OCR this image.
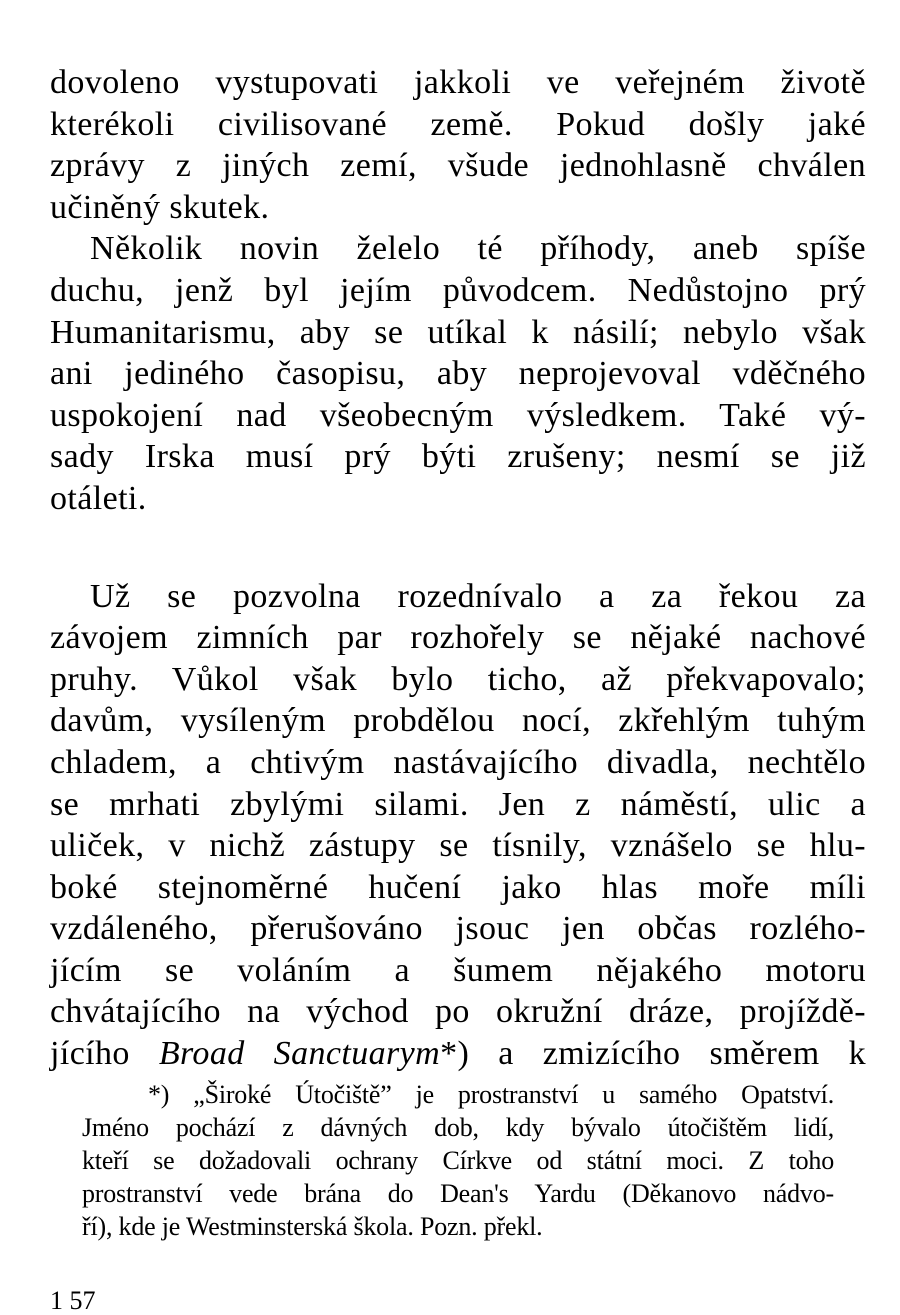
dovoleno vystupovati jakkoli ve veřejném životě
kterékoli civilisované země. Pokud došly jaké
zprávy z jiných zemí, všude jednohlasně chválen
učiněný skutek.
Několik novin želelo té příhody, aneb spíše
duchu, jenž byl jejím původcem. Nedůstojno prý
Humanitarismu, aby se utíkal k násilí; nebylo však
ani jediného časopisu, aby neprojevoval vděčného
uspokojení nad všeobecným výsledkem. Také vý-
sady Irska musí prý býti zrušeny; nesmí se již
otáleti.
Už se pozvolna rozednívalo a za řekou za
závojem zimních par rozhořely se nějaké nachové
pruhy. Vůkol však bylo ticho, až překvapovalo;
davům, vysíleným probdělou nocí, zkřehlým tuhým
chladem, a chtivým nastávajícího divadla, nechtělo
se mrhati zbylými silami. Jen z náměstí, ulic a
uliček, v nichž zástupy se tísnily, vznášelo se hlu-
boké stejnoměrné hučení jako hlas moře míli
vzdáleného, přerušováno jsouc jen občas rozlého-
jícím se voláním a šumem nějakého motoru
chvátajícího na východ po okružní dráze, projíždě-
jícího Broad Sanctuarym*) a zmizícího směrem k
*) „Široké Útočiště” je prostranství u samého Opatství.
Jméno pochází z dávných dob, kdy bývalo útočištěm lidí,
kteří se dožadovali ochrany Církve od státní moci. Z toho
prostranství vede brána do Dean's Yardu (Děkanovo nádvo-
ří), kde je Westminsterská škola. Pozn. překl.
1 57
